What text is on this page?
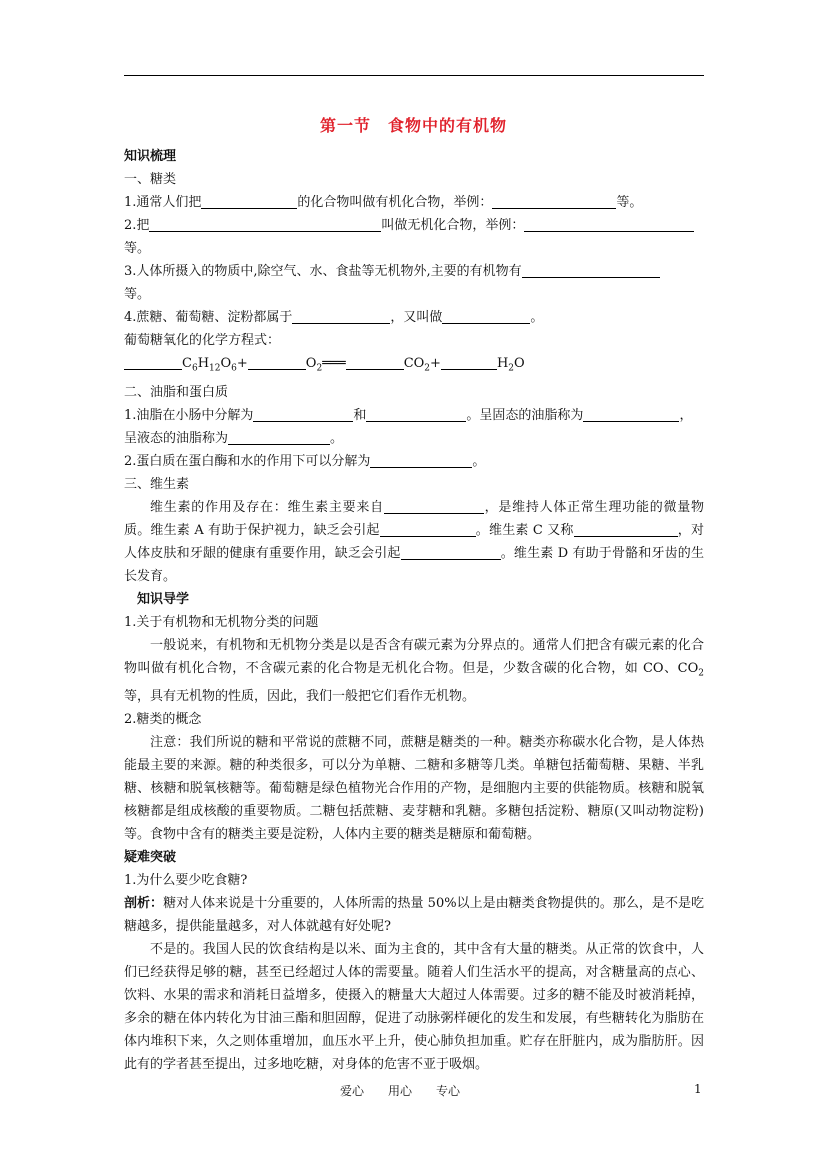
第一节　食物中的有机物
知识梳理
一、糖类
1.通常人们把	的化合物叫做有机化合物，举例：	等。
2.把	叫做无机化合物，举例：
等。
3.人体所摄入的物质中,除空气、水、食盐等无机物外,主要的有机物有
等。
4.蔗糖、葡萄糖、淀粉都属于	，又叫做	。
葡萄糖氧化的化学方程式：
$C_6H_{12}O_6+$	$O_2═══$	$CO_2+$	$H_2O$
二、油脂和蛋白质
1.油脂在小肠中分解为	和	。呈固态的油脂称为	，
呈液态的油脂称为	。
2.蛋白质在蛋白酶和水的作用下可以分解为	。
三、维生素
维生素的作用及存在：维生素主要来自	，是维持人体正常生理功能的微量物质。维生素 A 有助于保护视力，缺乏会引起	。维生素 C 又称	，对人体皮肤和牙龈的健康有重要作用，缺乏会引起	。维生素 D 有助于骨骼和牙齿的生长发育。
知识导学
1.关于有机物和无机物分类的问题
一般说来，有机物和无机物分类是以是否含有碳元素为分界点的。通常人们把含有碳元素的化合物叫做有机化合物，不含碳元素的化合物是无机化合物。但是，少数含碳的化合物，如 CO、$CO_2$ 等，具有无机物的性质，因此，我们一般把它们看作无机物。
2.糖类的概念
注意：我们所说的糖和平常说的蔗糖不同，蔗糖是糖类的一种。糖类亦称碳水化合物，是人体热能最主要的来源。糖的种类很多，可以分为单糖、二糖和多糖等几类。单糖包括葡萄糖、果糖、半乳糖、核糖和脱氧核糖等。葡萄糖是绿色植物光合作用的产物，是细胞内主要的供能物质。核糖和脱氧核糖都是组成核酸的重要物质。二糖包括蔗糖、麦芽糖和乳糖。多糖包括淀粉、糖原(又叫动物淀粉)等。食物中含有的糖类主要是淀粉，人体内主要的糖类是糖原和葡萄糖。
疑难突破
1.为什么要少吃食糖?
剖析：糖对人体来说是十分重要的，人体所需的热量 50%以上是由糖类食物提供的。那么，是不是吃糖越多，提供能量越多，对人体就越有好处呢?
不是的。我国人民的饮食结构是以米、面为主食的，其中含有大量的糖类。从正常的饮食中，人们已经获得足够的糖，甚至已经超过人体的需要量。随着人们生活水平的提高，对含糖量高的点心、饮料、水果的需求和消耗日益增多，使摄入的糖量大大超过人体需要。过多的糖不能及时被消耗掉，多余的糖在体内转化为甘油三酯和胆固醇，促进了动脉粥样硬化的发生和发展，有些糖转化为脂肪在体内堆积下来，久之则体重增加，血压水平上升，使心肺负担加重。贮存在肝脏内，成为脂肪肝。因此有的学者甚至提出，过多地吃糖，对身体的危害不亚于吸烟。
爱心　　用心　　专心	1
